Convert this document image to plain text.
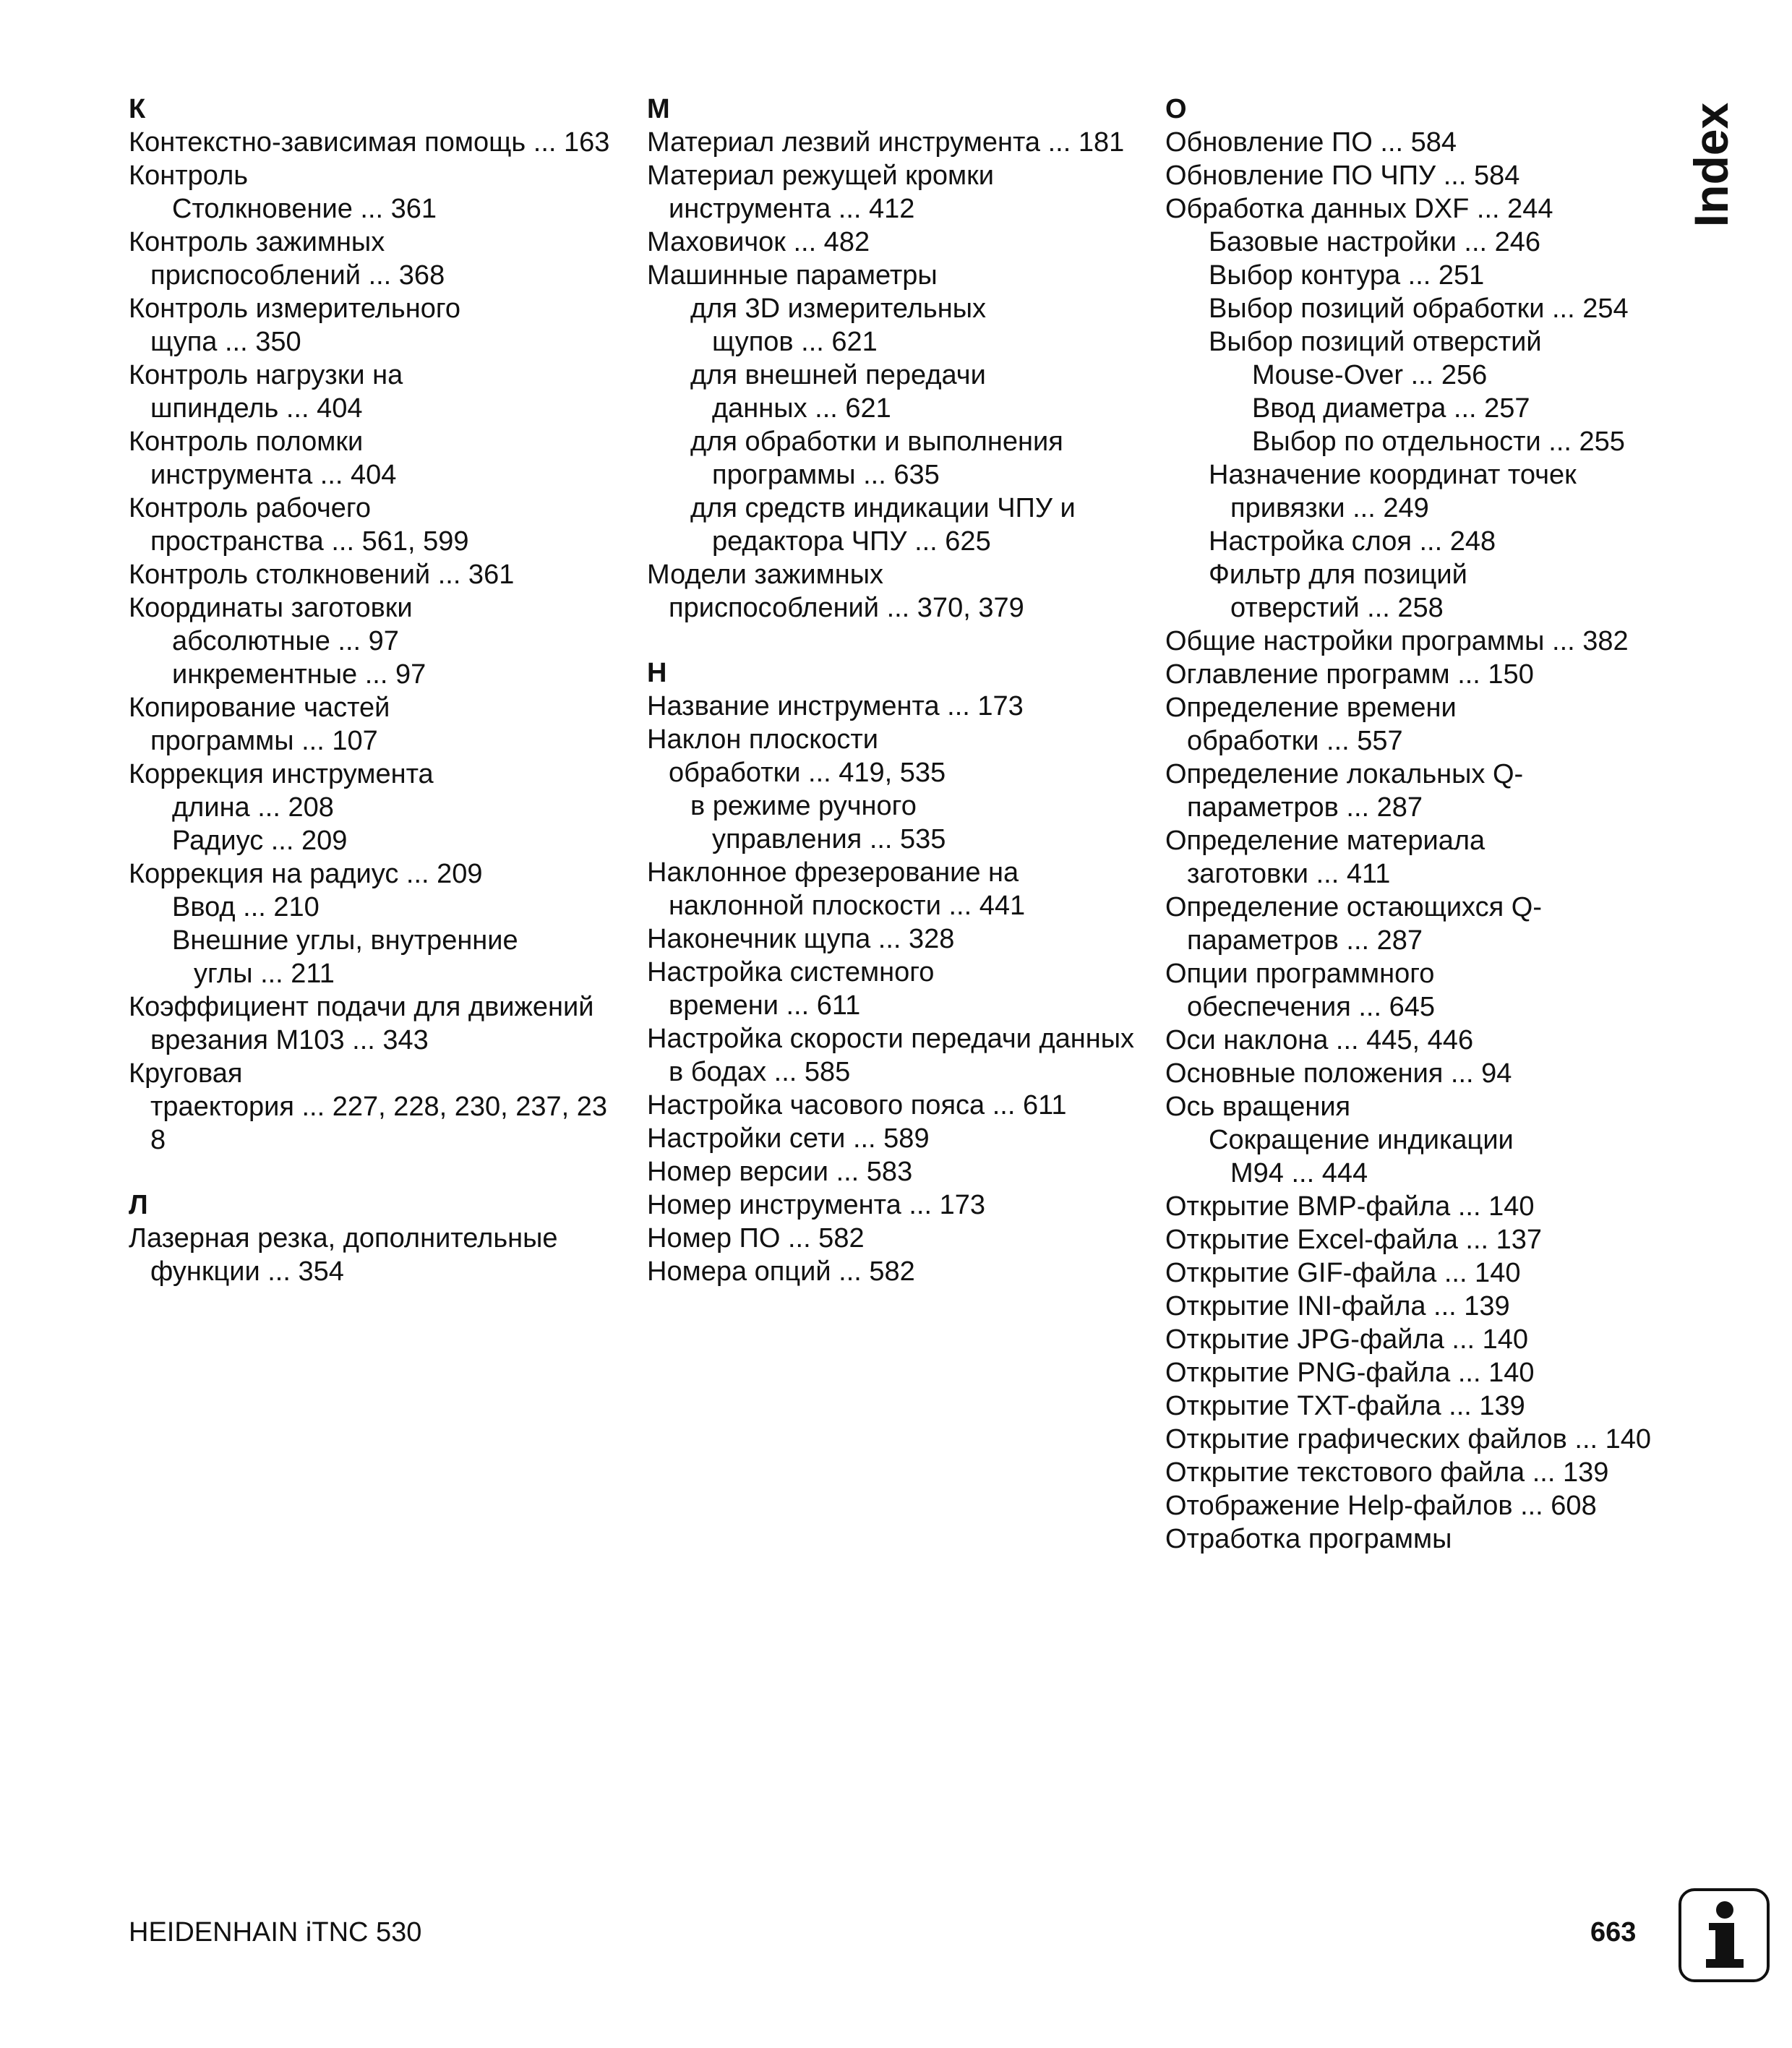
К
Контекстно-зависимая помощь ... 163
Контроль
Столкновение ... 361
Контроль зажимных
приспособлений ... 368
Контроль измерительного
щупа ... 350
Контроль нагрузки на
шпиндель ... 404
Контроль поломки
инструмента ... 404
Контроль рабочего
пространства ... 561, 599
Контроль столкновений ... 361
Координаты заготовки
абсолютные ... 97
инкрементные ... 97
Копирование частей
программы ... 107
Коррекция инструмента
длина ... 208
Радиус ... 209
Коррекция на радиус ... 209
Ввод ... 210
Внешние углы, внутренние
углы ... 211
Коэффициент подачи для движений
врезания M103 ... 343
Круговая
траектория ... 227, 228, 230, 237, 23
8
Л
Лазерная резка, дополнительные
функции ... 354
M
Материал лезвий инструмента ... 181
Материал режущей кромки
инструмента ... 412
Маховичок ... 482
Машинные параметры
для 3D измерительных
щупов ... 621
для внешней передачи
данных ... 621
для обработки и выполнения
программы ... 635
для средств индикации ЧПУ и
редактора ЧПУ ... 625
Модели зажимных
приспособлений ... 370, 379
Н
Название инструмента ... 173
Наклон плоскости
обработки ... 419, 535
в режиме ручного
управления ... 535
Наклонное фрезерование на
наклонной плоскости ... 441
Наконечник щупа ... 328
Настройка системного
времени ... 611
Настройка скорости передачи данных
в бодах ... 585
Настройка часового пояса ... 611
Настройки сети ... 589
Номер версии ... 583
Номер инструмента ... 173
Номер ПО ... 582
Номера опций ... 582
О
Обновление ПО ... 584
Обновление ПО ЧПУ ... 584
Обработка данных DXF ... 244
Базовые настройки ... 246
Выбор контура ... 251
Выбор позиций обработки ... 254
Выбор позиций отверстий
Mouse-Over ... 256
Ввод диаметра ... 257
Выбор по отдельности ... 255
Назначение координат точек
привязки ... 249
Настройка слоя ... 248
Фильтр для позиций
отверстий ... 258
Общие настройки программы ... 382
Оглавление программ ... 150
Определение времени
обработки ... 557
Определение локальных Q-
параметров ... 287
Определение материала
заготовки ... 411
Определение остающихся Q-
параметров ... 287
Опции программного
обеспечения ... 645
Оси наклона ... 445, 446
Основные положения ... 94
Ось вращения
Сокращение индикации
M94 ... 444
Открытие BMP-файла ... 140
Открытие Excel-файла ... 137
Открытие GIF-файла ... 140
Открытие INI-файла ... 139
Открытие JPG-файла ... 140
Открытие PNG-файла ... 140
Открытие TXT-файла ... 139
Открытие графических файлов ... 140
Открытие текстового файла ... 139
Отображение Help-файлов ... 608
Отработка программы
Index
HEIDENHAIN iTNC 530	663
